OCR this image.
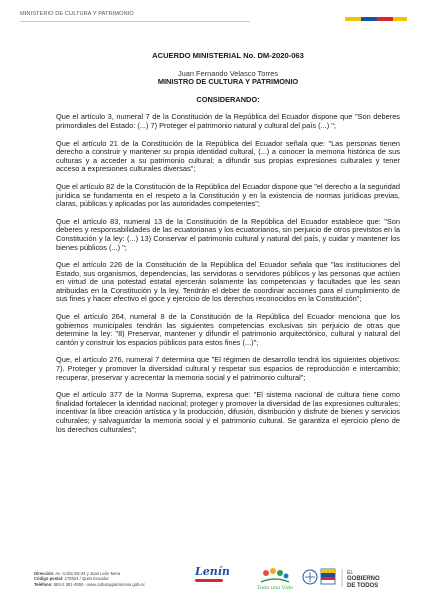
MINISTERIO DE CULTURA Y PATRIMONIO

ACUERDO MINISTERIAL No. DM-2020-063

Juan Fernando Velasco Torres

MINISTRO DE CULTURA Y PATRIMONIO

CONSIDERANDO:

Que el artículo 3, numeral 7 de la Constitución de la República del Ecuador dispone que "Son deberes primordiales del Estado: (...) 7) Proteger el patrimonio natural y cultural del país (...) ";

Que el artículo 21 de la Constitución de la República del Ecuador señala que: "Las personas tienen derecho a construir y mantener su propia identidad cultural, (...) a conocer la memoria histórica de sus culturas y a acceder a su patrimonio cultural; a difundir sus propias expresiones culturales y tener acceso a expresiones culturales diversas";

Que el artículo 82 de la Constitución de la República del Ecuador dispone que "el derecho a la seguridad jurídica se fundamenta en el respeto a la Constitución y en la existencia de normas jurídicas previas, claras, públicas y aplicadas por las autoridades competentes";

Que el artículo 83, numeral 13 de la Constitución de la República del Ecuador establece que: "Son deberes y responsabilidades de las ecuatorianas y los ecuatorianos, sin perjuicio de otros previstos en la Constitución y la ley: (...) 13) Conservar el patrimonio cultural y natural del país, y cuidar y mantener los bienes públicos (...) ";

Que el artículo 226 de la Constitución de la República del Ecuador señala que "las instituciones del Estado, sus organismos, dependencias, las servidoras o servidores públicos y las personas que actúen en virtud de una potestad estatal ejercerán solamente las competencias y facultades que les sean atribuidas en la Constitución y la ley. Tendrán el deber de coordinar acciones para el cumplimiento de sus fines y hacer efectivo el goce y ejercicio de los derechos reconocidos en la Constitución";

Que el artículo 264, numeral 8 de la Constitución de la República del Ecuador menciona que los gobiernos municipales tendrán las siguientes competencias exclusivas sin perjuicio de otras que determine la ley: "8) Preservar, mantener y difundir el patrimonio arquitectónico, cultural y natural del cantón y construir los espacios públicos para estos fines (...)";

Que, el artículo 276, numeral 7 determina que "El régimen de desarrollo tendrá los siguientes objetivos: 7). Proteger y promover la diversidad cultural y respetar sus espacios de reproducción e intercambio; recuperar, preservar y acrecentar la memoria social y el patrimonio cultural";

Que el artículo 377 de la Norma Suprema, expresa que: "El sistema nacional de cultura tiene como finalidad fortalecer la identidad nacional; proteger y promover la diversidad de las expresiones culturales; incentivar la libre creación artística y la producción, difusión, distribución y disfrute de bienes y servicios culturales; y salvaguardar la memoria social y el patrimonio cultural. Se garantiza el ejercicio pleno de los derechos culturales";

Dirección: Av. Colón E5-34 y Juan León Mera
Código postal: 170524 / Quito Ecuador
Teléfono: 593-2 381-4550 - www.culturaypatrimonio.gob.ec
Lenín
Toda una Vida
EL
GOBIERNO
DE TODOS
